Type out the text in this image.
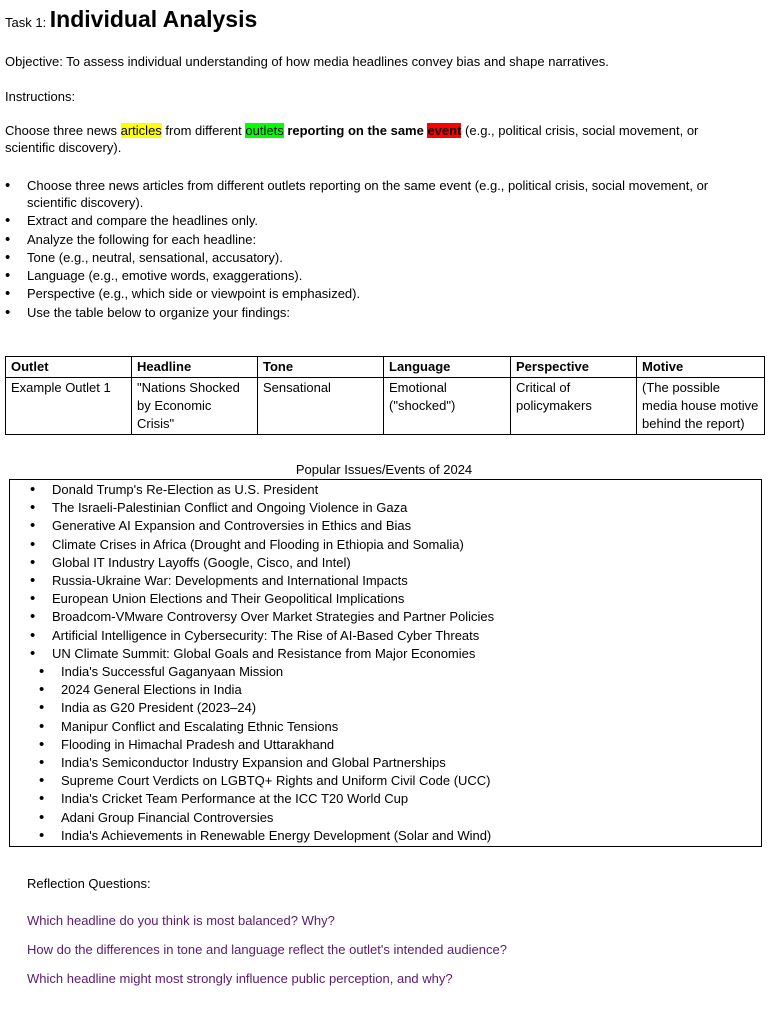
Task 1: Individual Analysis
Objective: To assess individual understanding of how media headlines convey bias and shape narratives.
Instructions:
Choose three news articles from different outlets reporting on the same event (e.g., political crisis, social movement, or scientific discovery).
• Choose three news articles from different outlets reporting on the same event (e.g., political crisis, social movement, or scientific discovery).
• Extract and compare the headlines only.
• Analyze the following for each headline:
• Tone (e.g., neutral, sensational, accusatory).
• Language (e.g., emotive words, exaggerations).
• Perspective (e.g., which side or viewpoint is emphasized).
• Use the table below to organize your findings:
Outlet	Headline	Tone	Language	Perspective	Motive
Example Outlet 1	"Nations Shocked by Economic Crisis"	Sensational	Emotional ("shocked")	Critical of policymakers	(The possible media house motive behind the report)
Popular Issues/Events of 2024
• Donald Trump's Re-Election as U.S. President
• The Israeli-Palestinian Conflict and Ongoing Violence in Gaza
• Generative AI Expansion and Controversies in Ethics and Bias
• Climate Crises in Africa (Drought and Flooding in Ethiopia and Somalia)
• Global IT Industry Layoffs (Google, Cisco, and Intel)
• Russia-Ukraine War: Developments and International Impacts
• European Union Elections and Their Geopolitical Implications
• Broadcom-VMware Controversy Over Market Strategies and Partner Policies
• Artificial Intelligence in Cybersecurity: The Rise of AI-Based Cyber Threats
• UN Climate Summit: Global Goals and Resistance from Major Economies
• India's Successful Gaganyaan Mission
• 2024 General Elections in India
• India as G20 President (2023–24)
• Manipur Conflict and Escalating Ethnic Tensions
• Flooding in Himachal Pradesh and Uttarakhand
• India's Semiconductor Industry Expansion and Global Partnerships
• Supreme Court Verdicts on LGBTQ+ Rights and Uniform Civil Code (UCC)
• India's Cricket Team Performance at the ICC T20 World Cup
• Adani Group Financial Controversies
• India's Achievements in Renewable Energy Development (Solar and Wind)
Reflection Questions:
Which headline do you think is most balanced? Why?
How do the differences in tone and language reflect the outlet's intended audience?
Which headline might most strongly influence public perception, and why?
